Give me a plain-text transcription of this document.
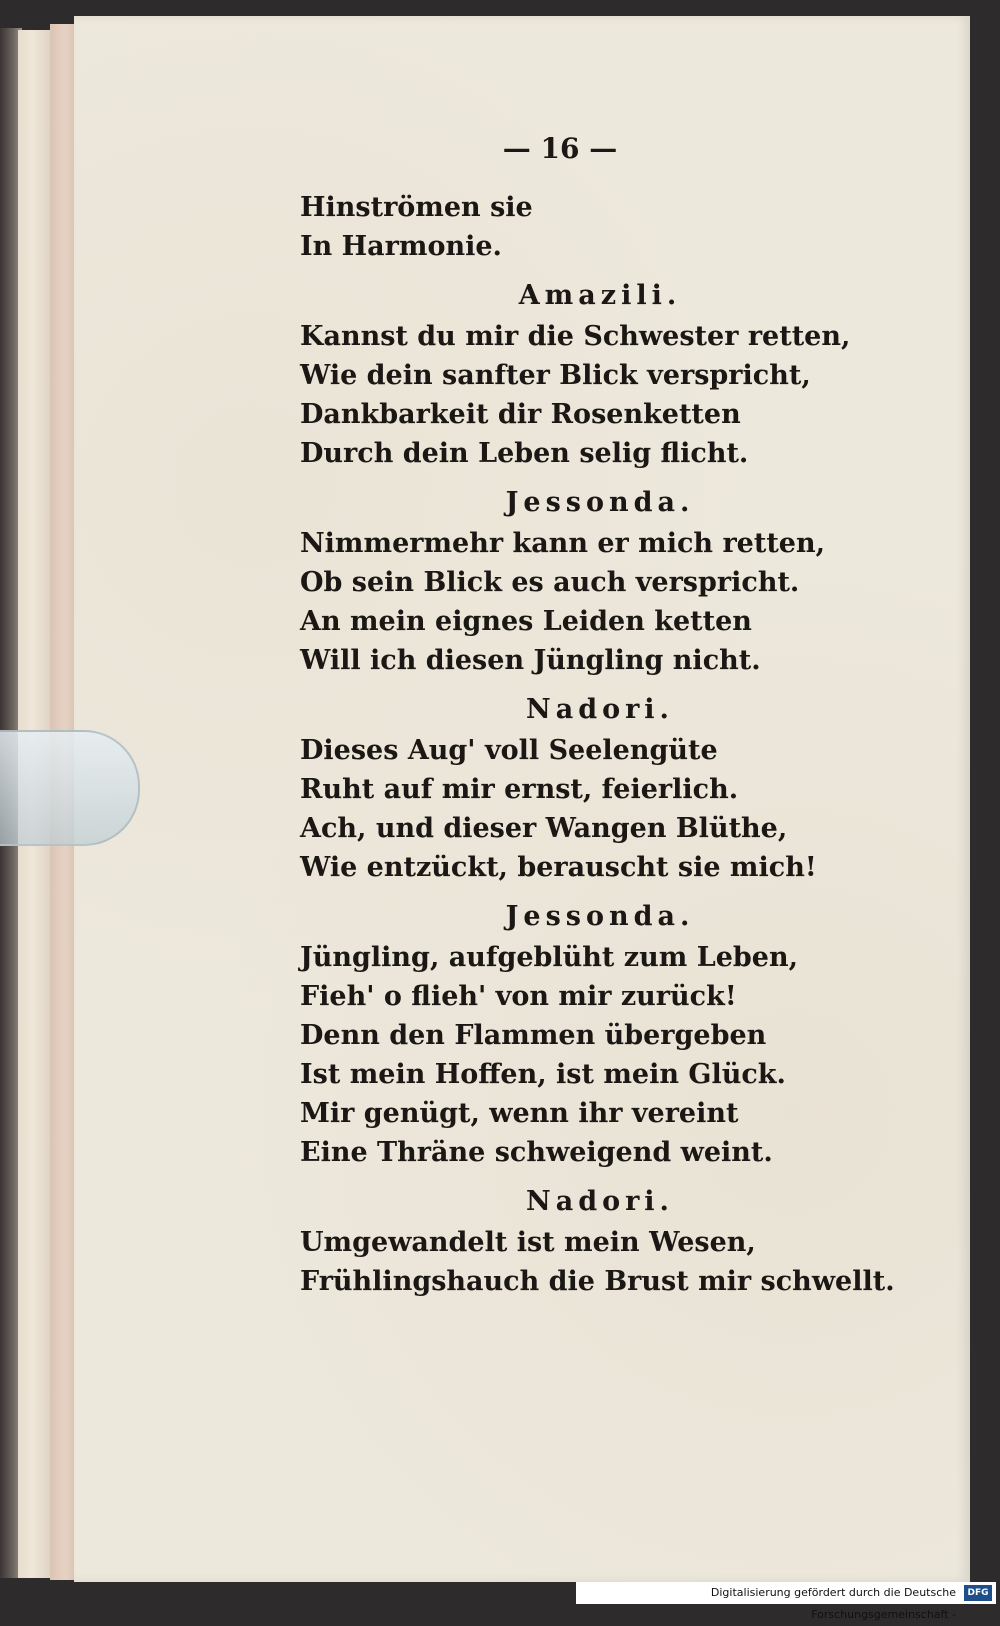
— 16 —
Hinströmen sie
In Harmonie.
Amazili.
Kannst du mir die Schwester retten,
Wie dein sanfter Blick verspricht,
Dankbarkeit dir Rosenketten
Durch dein Leben selig flicht.
Jessonda.
Nimmermehr kann er mich retten,
Ob sein Blick es auch verspricht.
An mein eignes Leiden ketten
Will ich diesen Jüngling nicht.
Nadori.
Dieses Aug' voll Seelengüte
Ruht auf mir ernst, feierlich.
Ach, und dieser Wangen Blüthe,
Wie entzückt, berauscht sie mich!
Jessonda.
Jüngling, aufgeblüht zum Leben,
Fieh' o flieh' von mir zurück!
Denn den Flammen übergeben
Ist mein Hoffen, ist mein Glück.
Mir genügt, wenn ihr vereint
Eine Thräne schweigend weint.
Nadori.
Umgewandelt ist mein Wesen,
Frühlingshauch die Brust mir schwellt.
Digitalisierung gefördert durch die Deutsche Forschungsgemeinschaft -
DFG
